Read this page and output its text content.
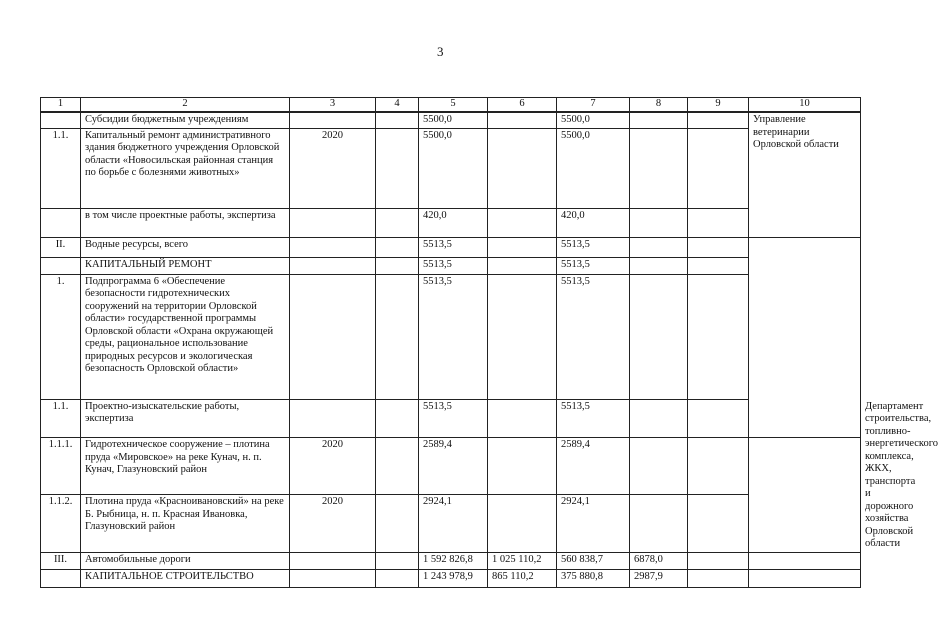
3
1	2	3	4	5	6	7	8	9	10	
	Субсидии бюджетным учреждениям			5500,0		5500,0			Управление ветеринарии Орловской области	
1.1.	Капитальный ремонт административного здания бюджетного учреждения Орловской области «Новосильская районная станция по борьбе с болезнями животных»	2020		5500,0		5500,0				
	в том числе проектные работы, экспертиза			420,0		420,0				
II.	Водные ресурсы, всего			5513,5		5513,5				
	КАПИТАЛЬНЫЙ РЕМОНТ			5513,5		5513,5				
1.	Подпрограмма 6 «Обеспечение безопасности гидротехнических сооружений на территории Орловской области» государственной программы Орловской области «Охрана окружающей среды, рациональное использование природных ресурсов и экологическая безопасность Орловской области»			5513,5		5513,5				
1.1.	Проектно-изыскательские работы, экспертиза			5513,5		5513,5				Департамент строительства, топливно-энергетического комплекса, ЖКХ, транспорта и дорожного хозяйства Орловской области
1.1.1.	Гидротехническое сооружение – плотина пруда «Мировское» на реке Кунач, н. п. Кунач, Глазуновский район	2020		2589,4		2589,4				
1.1.2.	Плотина пруда «Красноивановский» на реке Б. Рыбница, н. п. Красная Ивановка, Глазуновский район	2020		2924,1		2924,1				
III.	Автомобильные дороги			1 592 826,8	1 025 110,2	560 838,7	6878,0			
	КАПИТАЛЬНОЕ СТРОИТЕЛЬСТВО			1 243 978,9	865 110,2	375 880,8	2987,9			
